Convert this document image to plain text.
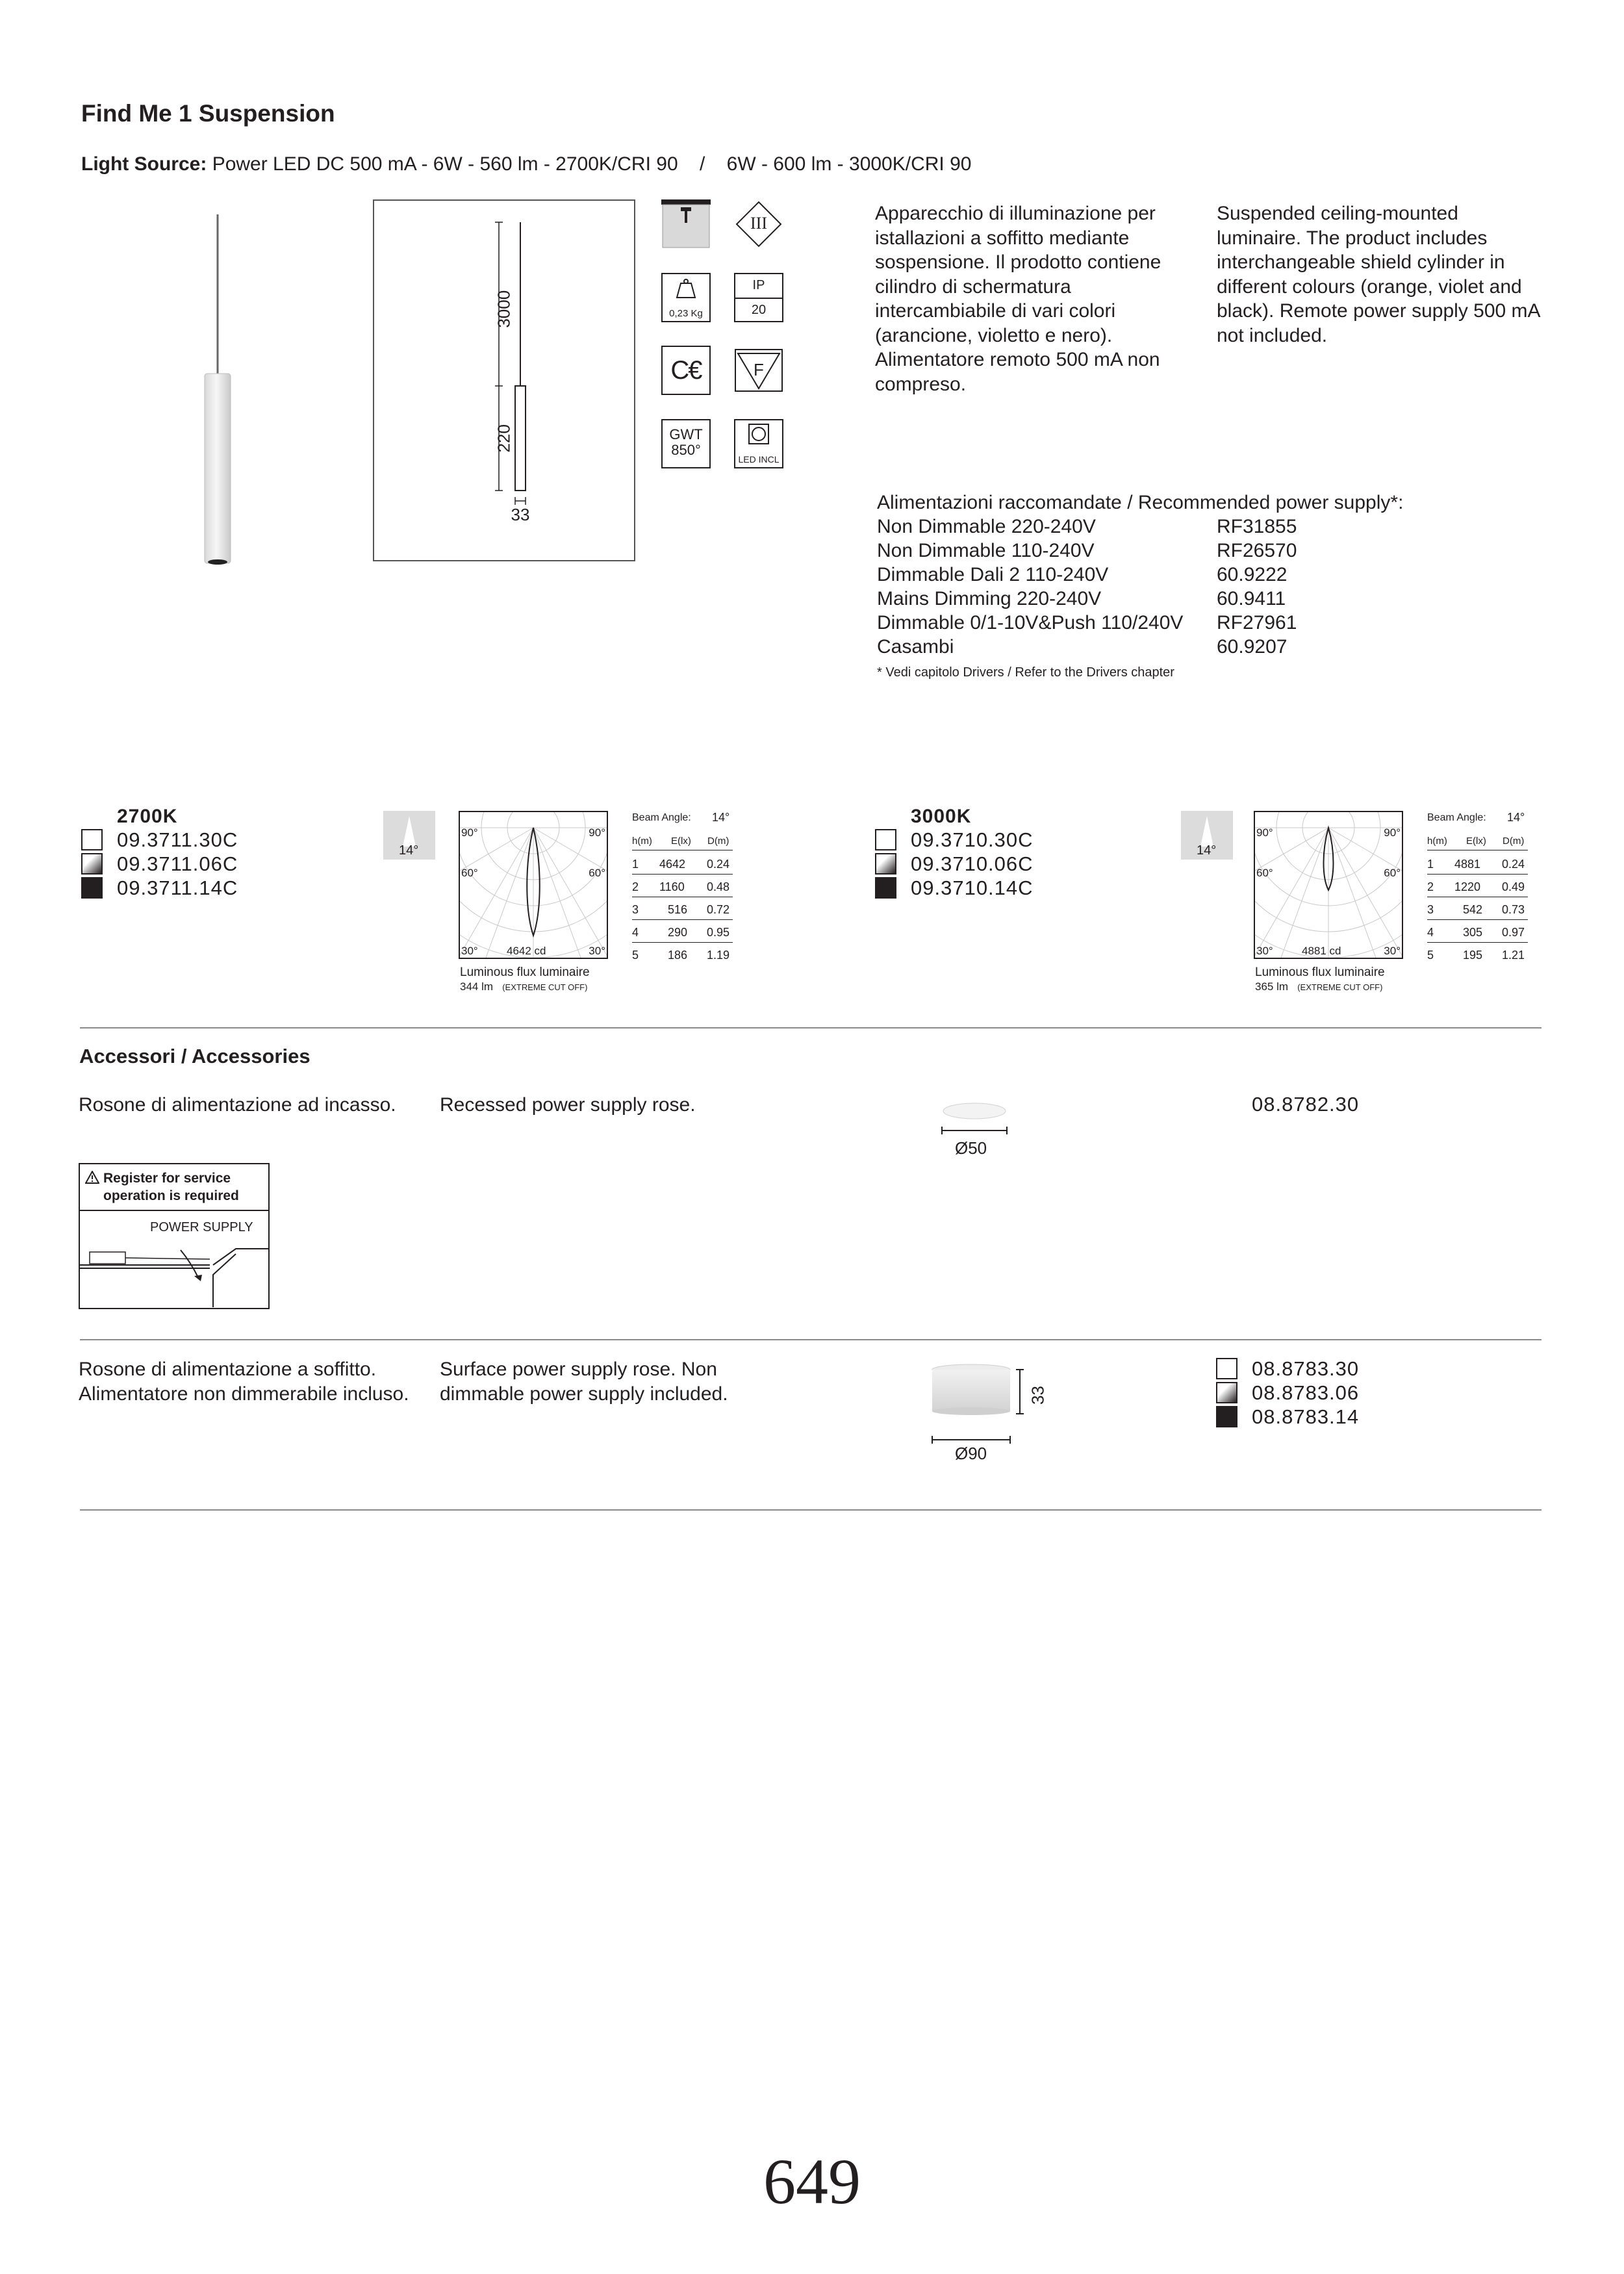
Find Me 1 Suspension
Light Source: Power LED DC 500 mA - 6W - 560 lm - 2700K/CRI 90    /    6W - 600 lm - 3000K/CRI 90
3000
220
33
III
0,23 Kg
IP
20
C€	F
GWT
850°
LED INCL
Apparecchio di illuminazione per istallazioni a soffitto mediante sospensione. Il prodotto contiene cilindro di schermatura intercambiabile di vari colori (arancione, violetto e nero). Alimentatore remoto 500 mA non compreso.
Suspended ceiling-mounted luminaire. The product includes interchangeable shield cylinder in different colours (orange, violet and black). Remote power supply 500 mA not included.
Alimentazioni raccomandate / Recommended power supply*:
Non Dimmable 220-240V	RF31855
Non Dimmable 110-240V	RF26570
Dimmable Dali 2 110-240V	60.9222
Mains Dimming 220-240V	60.9411
Dimmable 0/1-10V&Push 110/240V RF27961
Casambi	60.9207
* Vedi capitolo Drivers / Refer to the Drivers chapter
2700K
09.3711.30C
09.3711.06C
09.3711.14C
14°
90°	90°
60°	60°
30°	30°
4642 cd
Luminous flux luminaire
344 lm (EXTREME CUT OFF)
Beam Angle: 14°
h(m) E(lx) D(m)
1 4642 0.24
2 1160 0.48
3 516 0.72
4 290 0.95
5 186 1.19
3000K
09.3710.30C
09.3710.06C
09.3710.14C
14°
90°	90°
60°	60°
30°	30°
4881 cd
Luminous flux luminaire
365 lm (EXTREME CUT OFF)
Beam Angle: 14°
h(m) E(lx) D(m)
1 4881 0.24
2 1220 0.49
3 542 0.73
4 305 0.97
5 195 1.21
Accessori / Accessories
Rosone di alimentazione ad incasso.	Recessed power supply rose.
Ø50
08.8782.30
Register for service
operation is required
POWER SUPPLY
Rosone di alimentazione a soffitto. Alimentatore non dimmerabile incluso.
Surface power supply rose. Non dimmable power supply included.	33
Ø90
08.8783.30
08.8783.06
08.8783.14
649
